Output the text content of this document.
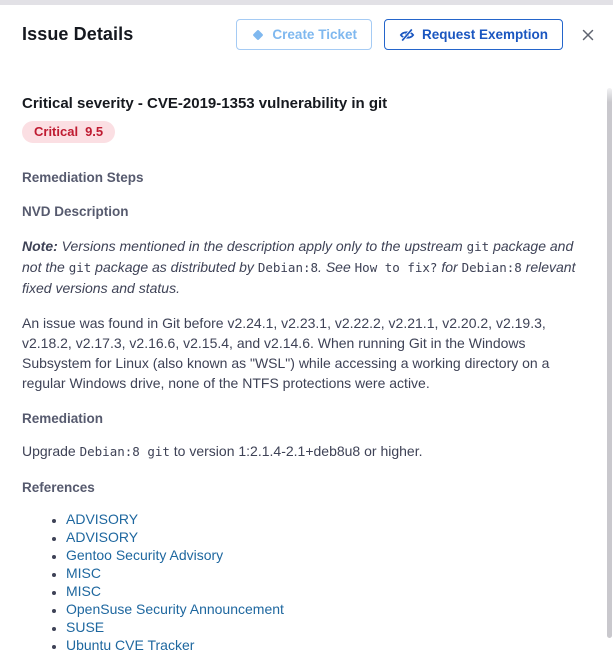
Issue Details	Create Ticket	Request Exemption
Critical severity - CVE-2019-1353 vulnerability in git
Critical 9.5
Remediation Steps
NVD Description

Note: Versions mentioned in the description apply only to the upstream git package and not the git package as distributed by Debian:8. See How to fix? for Debian:8 relevant fixed versions and status.

An issue was found in Git before v2.24.1, v2.23.1, v2.22.2, v2.21.1, v2.20.2, v2.19.3, v2.18.2, v2.17.3, v2.16.6, v2.15.4, and v2.14.6. When running Git in the Windows Subsystem for Linux (also known as "WSL") while accessing a working directory on a regular Windows drive, none of the NTFS protections were active.

Remediation

Upgrade Debian:8 git to version 1:2.1.4-2.1+deb8u8 or higher.

References
• ADVISORY
• ADVISORY
• Gentoo Security Advisory
• MISC
• MISC
• OpenSuse Security Announcement
• SUSE
• Ubuntu CVE Tracker
